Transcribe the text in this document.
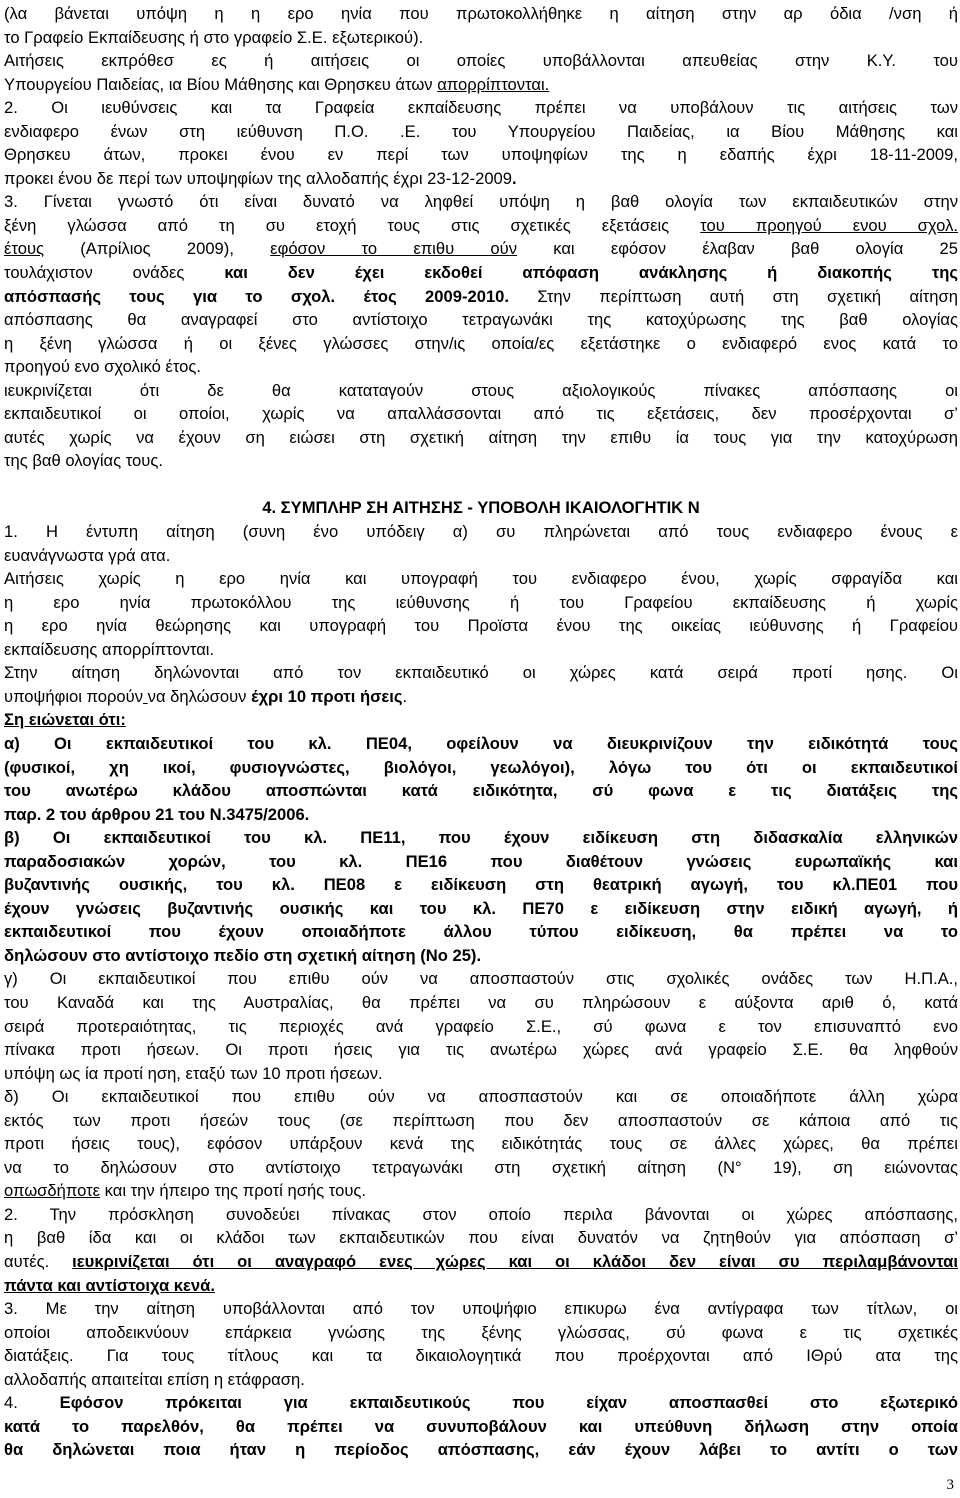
(λα βάνεται υπόψη η η ερο ηνία που πρωτοκολλήθηκε η αίτηση στην αρ όδια /νση ή
το Γραφείο Εκπαίδευσης ή στο γραφείο Σ.Ε. εξωτερικού).
Αιτήσεις εκπρόθεσ ες ή αιτήσεις οι οποίες υποβάλλονται απευθείας στην Κ.Υ. του
Υπουργείου Παιδείας, ια Βίου Μάθησης και Θρησκευ άτων απορρίπτονται.
2. Οι ιευθύνσεις και τα Γραφεία εκπαίδευσης πρέπει να υποβάλουν τις αιτήσεις των
ενδιαφερο ένων στη ιεύθυνση Π.Ο. .Ε. του Υπουργείου Παιδείας, ια Βίου Μάθησης και
Θρησκευ άτων, προκει ένου εν περί των υποψηφίων της η εδαπής έχρι 18-11-2009,
προκει ένου δε περί των υποψηφίων της αλλοδαπής έχρι 23-12-2009.
3. Γίνεται γνωστό ότι είναι δυνατό να ληφθεί υπόψη η βαθ ολογία των εκπαιδευτικών στην
ξένη γλώσσα από τη συ ετοχή τους στις σχετικές εξετάσεις του προηγού ενου σχολ.
έτους (Απρίλιος 2009), εφόσον το επιθυ ούν και εφόσον έλαβαν βαθ ολογία 25
τουλάχιστον ονάδες και δεν έχει εκδοθεί απόφαση ανάκλησης ή διακοπής της
απόσπασής τους για το σχολ. έτος 2009-2010. Στην περίπτωση αυτή στη σχετική αίτηση
απόσπασης θα αναγραφεί στο αντίστοιχο τετραγωνάκι της κατοχύρωσης της βαθ ολογίας
η ξένη γλώσσα ή οι ξένες γλώσσες στην/ις οποία/ες εξετάστηκε ο ενδιαφερό ενος κατά το
προηγού ενο σχολικό έτος.
ιευκρινίζεται ότι δε θα καταταγούν στους αξιολογικούς πίνακες απόσπασης οι
εκπαιδευτικοί οι οποίοι, χωρίς να απαλλάσσονται από τις εξετάσεις, δεν προσέρχονται σ’
αυτές χωρίς να έχουν ση ειώσει στη σχετική αίτηση την επιθυ ία τους για την κατοχύρωση
της βαθ ολογίας τους.
4. ΣΥΜΠΛΗΡ ΣΗ ΑΙΤΗΣΗΣ - ΥΠΟΒΟΛΗ ΙΚΑΙΟΛΟΓΗΤΙΚ Ν
1. Η έντυπη αίτηση (συνη ένο υπόδειγ α) συ πληρώνεται από τους ενδιαφερο ένους ε
ευανάγνωστα γρά ατα.
Αιτήσεις χωρίς η ερο ηνία και υπογραφή του ενδιαφερο ένου, χωρίς σφραγίδα και
η ερο ηνία πρωτοκόλλου της ιεύθυνσης ή του Γραφείου εκπαίδευσης ή χωρίς
η ερο ηνία θεώρησης και υπογραφή του Προϊστα ένου της οικείας ιεύθυνσης ή Γραφείου
εκπαίδευσης απορρίπτονται.
Στην αίτηση δηλώνονται από τον εκπαιδευτικό οι χώρες κατά σειρά προτί ησης. Οι
υποψήφιοι πορούν να δηλώσουν έχρι 10 προτι ήσεις.
Ση ειώνεται ότι:
α) Οι εκπαιδευτικοί του κλ. ΠΕ04, οφείλουν να διευκρινίζουν την ειδικότητά τους
(φυσικοί, χη ικοί, φυσιογνώστες, βιολόγοι, γεωλόγοι), λόγω του ότι οι εκπαιδευτικοί
του ανωτέρω κλάδου αποσπώνται κατά ειδικότητα, σύ φωνα ε τις διατάξεις της
παρ. 2 του άρθρου 21 του Ν.3475/2006.
β) Οι εκπαιδευτικοί του κλ. ΠΕ11, που έχουν ειδίκευση στη διδασκαλία ελληνικών
παραδοσιακών χορών, του κλ. ΠΕ16 που διαθέτουν γνώσεις ευρωπαϊκής και
βυζαντινής ουσικής, του κλ. ΠΕ08 ε ειδίκευση στη θεατρική αγωγή, του κλ.ΠΕ01 που
έχουν γνώσεις βυζαντινής ουσικής και του κλ. ΠΕ70 ε ειδίκευση στην ειδική αγωγή, ή
εκπαιδευτικοί που έχουν οποιαδήποτε άλλου τύπου ειδίκευση, θα πρέπει να το
δηλώσουν στο αντίστοιχο πεδίο στη σχετική αίτηση (Νο 25).
γ) Οι εκπαιδευτικοί που επιθυ ούν να αποσπαστούν στις σχολικές ονάδες των Η.Π.Α.,
του Καναδά και της Αυστραλίας, θα πρέπει να συ πληρώσουν ε αύξοντα αριθ ό, κατά
σειρά προτεραιότητας, τις περιοχές ανά γραφείο Σ.Ε., σύ φωνα ε τον επισυναπτό ενο
πίνακα προτι ήσεων. Οι προτι ήσεις για τις ανωτέρω χώρες ανά γραφείο Σ.Ε. θα ληφθούν
υπόψη ως ία προτί ηση, εταξύ των 10 προτι ήσεων.
δ) Οι εκπαιδευτικοί που επιθυ ούν να αποσπαστούν και σε οποιαδήποτε άλλη χώρα
εκτός των προτι ήσεών τους (σε περίπτωση που δεν αποσπαστούν σε κάποια από τις
προτι ήσεις τους), εφόσον υπάρξουν κενά της ειδικότητάς τους σε άλλες χώρες, θα πρέπει
να το δηλώσουν στο αντίστοιχο τετραγωνάκι στη σχετική αίτηση (Ν° 19), ση ειώνοντας
οπωσδήποτε και την ήπειρο της προτί ησής τους.
2. Την πρόσκληση συνοδεύει πίνακας στον οποίο περιλα βάνονται οι χώρες απόσπασης,
η βαθ ίδα και οι κλάδοι των εκπαιδευτικών που είναι δυνατόν να ζητηθούν για απόσπαση σ’
αυτές. ιευκρινίζεται ότι οι αναγραφό ενες χώρες και οι κλάδοι δεν είναι συ περιλαμβάνονται
πάντα και αντίστοιχα κενά.
3. Με την αίτηση υποβάλλονται από τον υποψήφιο επικυρω ένα αντίγραφα των τίτλων, οι
οποίοι αποδεικνύουν επάρκεια γνώσης της ξένης γλώσσας, σύ φωνα ε τις σχετικές
διατάξεις. Για τους τίτλους και τα δικαιολογητικά που προέρχονται από ΙΘρύ ατα της
αλλοδαπής απαιτείται επίση η ετάφραση.
4. Εφόσον πρόκειται για εκπαιδευτικούς που είχαν αποσπασθεί στο εξωτερικό
κατά το παρελθόν, θα πρέπει να συνυποβάλουν και υπεύθυνη δήλωση στην οποία
θα δηλώνεται ποια ήταν η περίοδος απόσπασης, εάν έχουν λάβει το αντίτι ο των
3
